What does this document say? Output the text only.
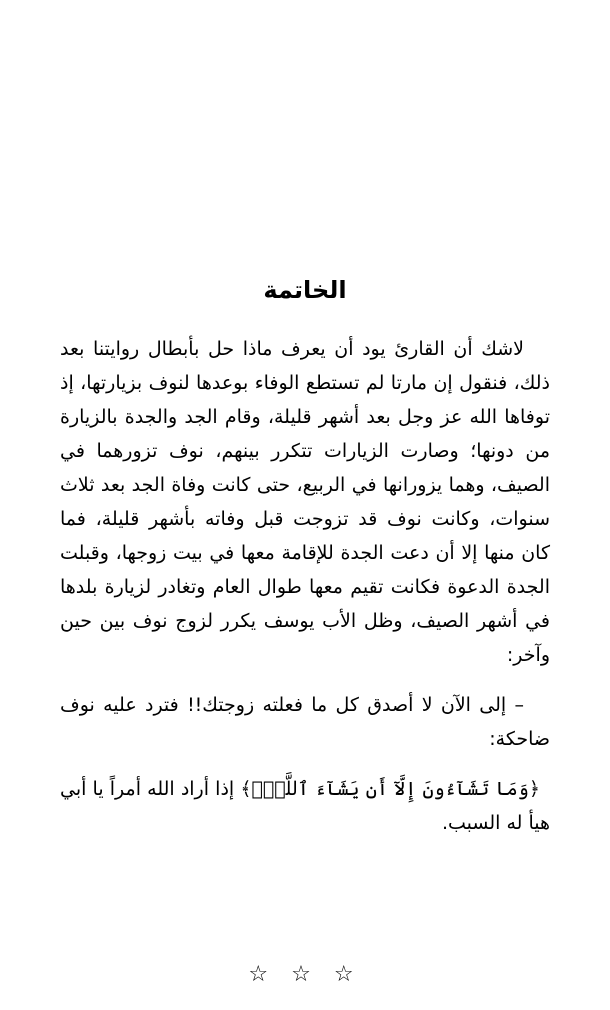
الخاتمة

لاشك أن القارئ يود أن يعرف ماذا حل بأبطال روايتنا بعد ذلك، فنقول إن مارتا لم تستطع الوفاء بوعدها لنوف بزيارتها، إذ توفاها الله عز وجل بعد أشهر قليلة، وقام الجد والجدة بالزيارة من دونها؛ وصارت الزيارات تتكرر بينهم، نوف تزورهما في الصيف، وهما يزورانها في الربيع، حتى كانت وفاة الجد بعد ثلاث سنوات، وكانت نوف قد تزوجت قبل وفاته بأشهر قليلة، فما كان منها إلا أن دعت الجدة للإقامة معها في بيت زوجها، وقبلت الجدة الدعوة فكانت تقيم معها طوال العام وتغادر لزيارة بلدها في أشهر الصيف، وظل الأب يوسف يكرر لزوج نوف بين حين وآخر:

– إلى الآن لا أصدق كل ما فعلته زوجتك!! فترد عليه نوف ضاحكة:

﴿وَمَا تَشَآءُونَ إِلَّآ أَن يَشَآءَ ٱللَّهُۚ﴾ إذا أراد الله أمراً يا أبي هيأ له السبب.

☆ ☆ ☆
